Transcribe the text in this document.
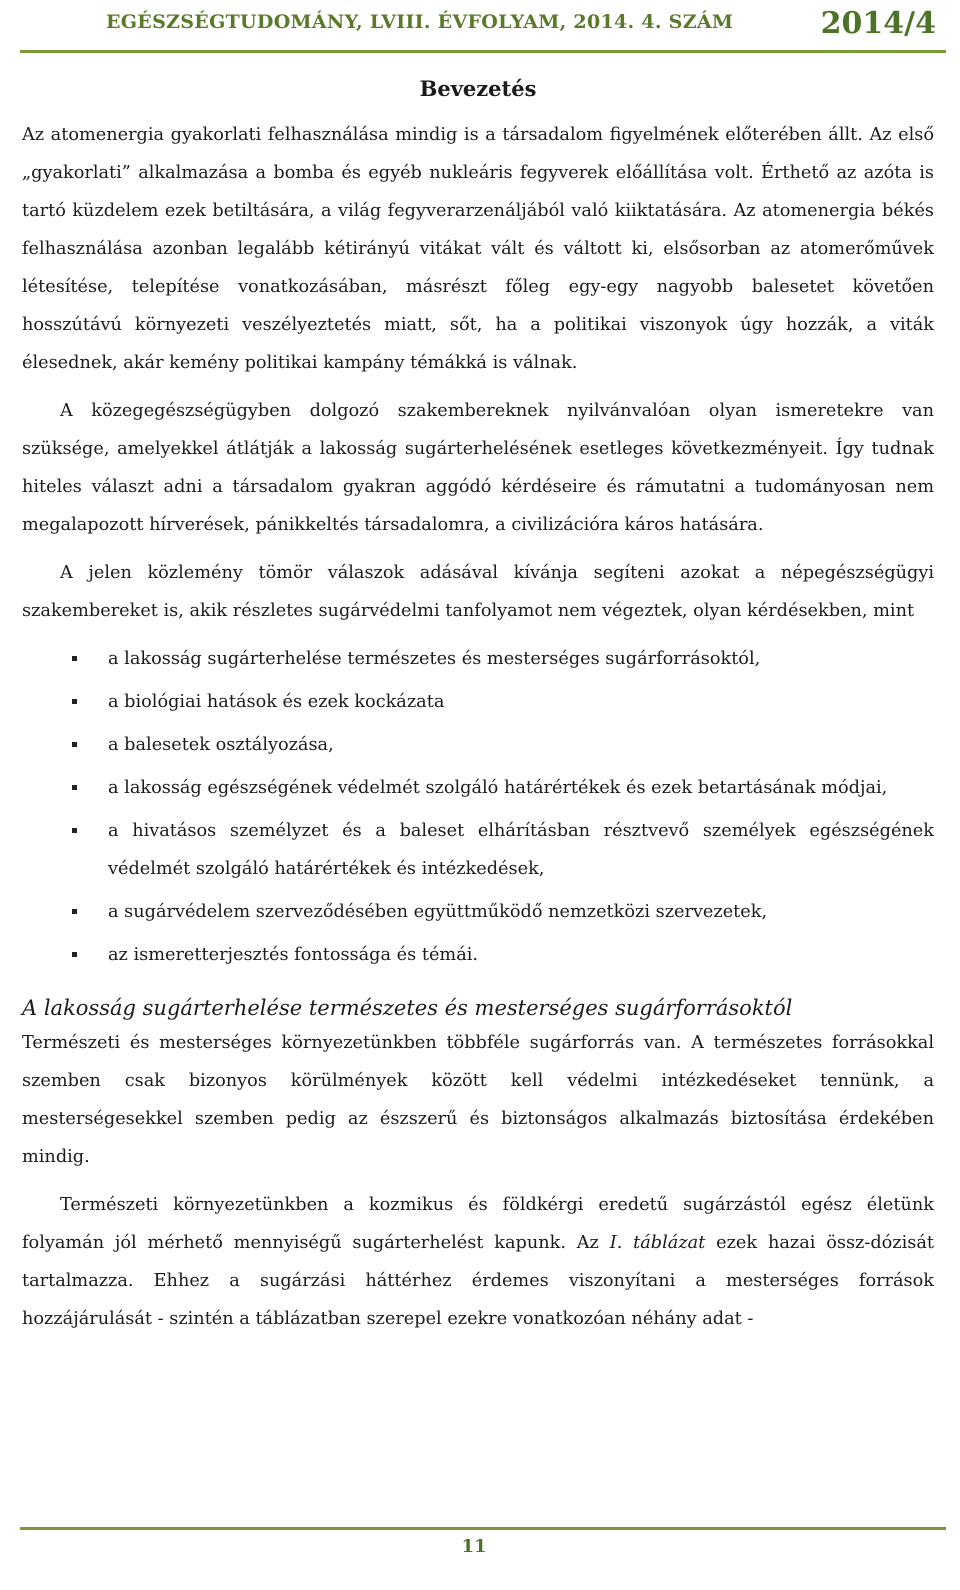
EGÉSZSÉGTUDOMÁNY, LVIII. ÉVFOLYAM, 2014. 4. SZÁM	2014/4
Bevezetés

Az atomenergia gyakorlati felhasználása mindig is a társadalom figyelmének előterében állt. Az első „gyakorlati” alkalmazása a bomba és egyéb nukleáris fegyverek előállítása volt. Érthető az azóta is tartó küzdelem ezek betiltására, a világ fegyverarzenáljából való kiiktatására. Az atomenergia békés felhasználása azonban legalább kétirányú vitákat vált és váltott ki, elsősorban az atomerőművek létesítése, telepítése vonatkozásában, másrészt főleg egy-egy nagyobb balesetet követően hosszútávú környezeti veszélyeztetés miatt, sőt, ha a politikai viszonyok úgy hozzák, a viták élesednek, akár kemény politikai kampány témákká is válnak.

A közegegészségügyben dolgozó szakembereknek nyilvánvalóan olyan ismeretekre van szüksége, amelyekkel átlátják a lakosság sugárterhelésének esetleges következményeit. Így tudnak hiteles választ adni a társadalom gyakran aggódó kérdéseire és rámutatni a tudományosan nem megalapozott hírverések, pánikkeltés társadalomra, a civilizációra káros hatására.

A jelen közlemény tömör válaszok adásával kívánja segíteni azokat a népegészségügyi szakembereket is, akik részletes sugárvédelmi tanfolyamot nem végeztek, olyan kérdésekben, mint

a lakosság sugárterhelése természetes és mesterséges sugárforrásoktól,
a biológiai hatások és ezek kockázata
a balesetek osztályozása,
a lakosság egészségének védelmét szolgáló határértékek és ezek betartásának módjai,
a hivatásos személyzet és a baleset elhárításban résztvevő személyek egészségének védelmét szolgáló határértékek és intézkedések,
a sugárvédelem szerveződésében együttműködő nemzetközi szervezetek,
az ismeretterjesztés fontossága és témái.
A lakosság sugárterhelése természetes és mesterséges sugárforrásoktól

Természeti és mesterséges környezetünkben többféle sugárforrás van. A természetes forrásokkal szemben csak bizonyos körülmények között kell védelmi intézkedéseket tennünk, a mesterségesekkel szemben pedig az észszerű és biztonságos alkalmazás biztosítása érdekében mindig.

Természeti környezetünkben a kozmikus és földkérgi eredetű sugárzástól egész életünk folyamán jól mérhető mennyiségű sugárterhelést kapunk. Az I. táblázat ezek hazai össz-dózisát tartalmazza. Ehhez a sugárzási háttérhez érdemes viszonyítani a mesterséges források hozzájárulását - szintén a táblázatban szerepel ezekre vonatkozóan néhány adat -

11
